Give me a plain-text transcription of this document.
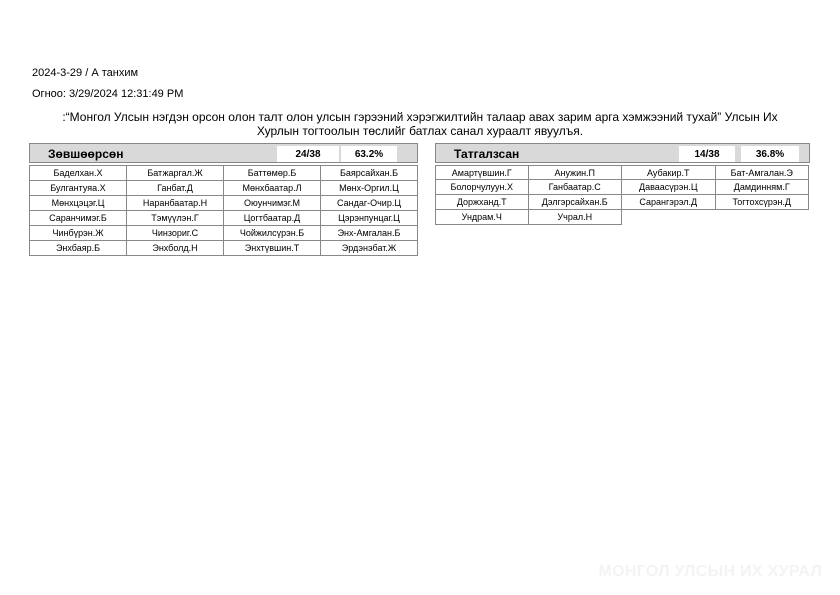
2024-3-29 / А танхим
Огноо: 3/29/2024 12:31:49 PM
:“Монгол Улсын нэгдэн орсон олон талт олон улсын гэрээний хэрэгжилтийн талаар авах зарим арга хэмжээний тухай” Улсын Их Хурлын тогтоолын төслийг батлах санал хураалт явуулъя.
Зөвшөөрсөн	24/38	63.2%
Баделхан.Х	Батжаргал.Ж	Баттөмөр.Б	Баярсайхан.Б
Булгантуяа.Х	Ганбат.Д	Мөнхбаатар.Л	Мөнх-Оргил.Ц
Мөнхцэцэг.Ц	Наранбаатар.Н	Оюунчимэг.М	Сандаг-Очир.Ц
Саранчимэг.Б	Тэмүүлэн.Г	Цогтбаатар.Д	Цэрэнпунцаг.Ц
Чинбүрэн.Ж	Чинзориг.С	Чойжилсүрэн.Б	Энх-Амгалан.Б
Энхбаяр.Б	Энхболд.Н	Энхтүвшин.Т	Эрдэнэбат.Ж
Татгалзсан	14/38	36.8%
Амартүвшин.Г	Анужин.П	Аубакир.Т	Бат-Амгалан.Э
Болорчулуун.Х	Ганбаатар.С	Даваасүрэн.Ц	Дамдинням.Г
Доржханд.Т	Дэлгэрсайхан.Б	Сарангэрэл.Д	Тогтохсүрэн.Д
Ундрам.Ч	Учрал.Н
МОНГОЛ УЛСЫН ИХ ХУРАЛ
